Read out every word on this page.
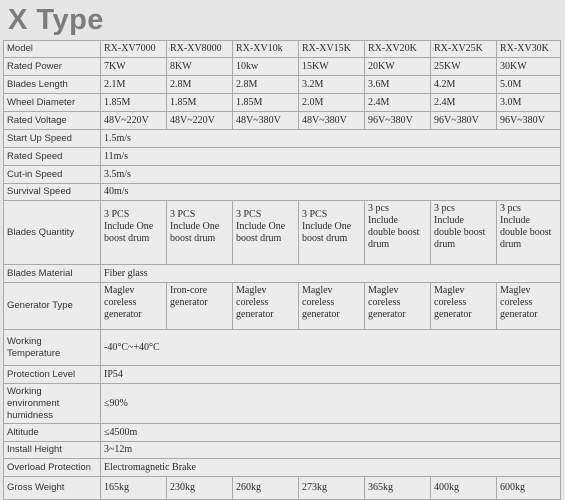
X Type
Model	RX-XV7000	RX-XV8000	RX-XV10k	RX-XV15K	RX-XV20K	RX-XV25K	RX-XV30K
Rated Power	7KW	8KW	10kw	15KW	20KW	25KW	30KW
Blades Length	2.1M	2.8M	2.8M	3.2M	3.6M	4.2M	5.0M
Wheel Diameter	1.85M	1.85M	1.85M	2.0M	2.4M	2.4M	3.0M
Rated Voltage	48V~220V	48V~220V	48V~380V	48V~380V	96V~380V	96V~380V	96V~380V
Start Up Speed	1.5m/s						
Rated Speed	11m/s						
Cut-in Speed	3.5m/s						
Survival Speed	40m/s						
Blades Quantity	3 PCS
Include One
boost drum	3 PCS
Include One
boost drum	3 PCS
Include One
boost drum	3 PCS
Include One
boost drum	3 pcs
Include
double boost
drum	3 pcs
Include
double boost
drum	3 pcs
Include
double boost
drum
Blades Material	Fiber glass						
Generator Type	Maglev
coreless
generator	Iron-core
generator	Maglev
coreless
generator	Maglev
coreless
generator	Maglev
coreless
generator	Maglev
coreless
generator	Maglev
coreless
generator
Working
Temperature	-40°C~+40°C						
Protection Level	IP54						
Working
environment
humidness	≤90%						
Altitude	≤4500m						
Install Height	3~12m						
Overload Protection	Electromagnetic Brake						
Gross Weight	165kg	230kg	260kg	273kg	365kg	400kg	600kg
